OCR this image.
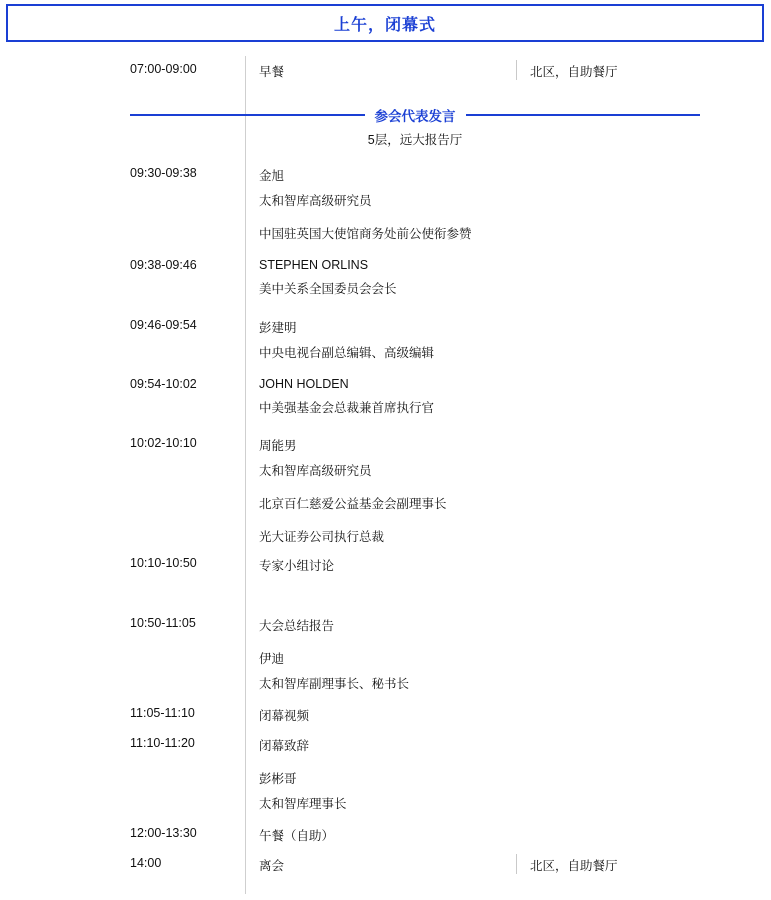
上午，闭幕式
07:00-09:00	早餐	北区，自助餐厅
参会代表发言
5层，远大报告厅
09:30-09:38	金旭
太和智库高级研究员
中国驻英国大使馆商务处前公使衔参赞
09:38-09:46	STEPHEN ORLINS
美中关系全国委员会会长
09:46-09:54	彭建明
中央电视台副总编辑、高级编辑
09:54-10:02	JOHN HOLDEN
中美强基金会总裁兼首席执行官
10:02-10:10	周能男
太和智库高级研究员
北京百仁慈爱公益基金会副理事长
光大证券公司执行总裁
10:10-10:50	专家小组讨论
10:50-11:05	大会总结报告
伊迪
太和智库副理事长、秘书长
11:05-11:10	闭幕视频
11:10-11:20	闭幕致辞
彭彬哥
太和智库理事长
12:00-13:30	午餐（自助）
14:00	离会	北区，自助餐厅
